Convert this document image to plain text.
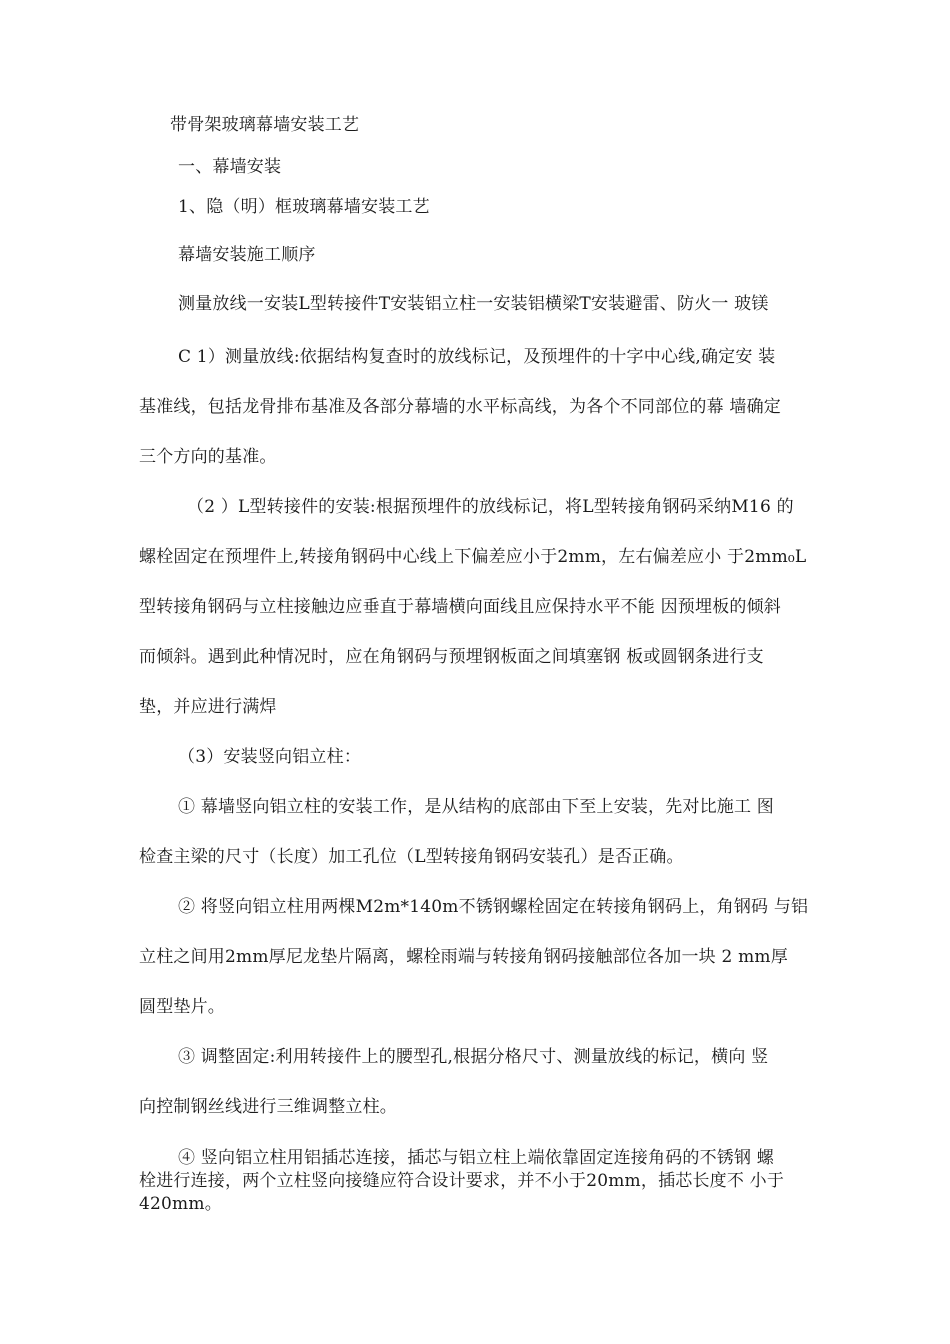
带骨架玻璃幕墙安装工艺
一、幕墙安装
1、隐（明）框玻璃幕墙安装工艺
幕墙安装施工顺序
测量放线一安装L型转接件T安装铝立柱一安装铝横梁T安装避雷、防火一 玻镁
C 1）测量放线:依据结构复查时的放线标记，及预埋件的十字中心线,确定安 装
基准线，包括龙骨排布基准及各部分幕墙的水平标高线，为各个不同部位的幕 墙确定
三个方向的基准。
（2 ）L型转接件的安装:根据预埋件的放线标记，将L型转接角钢码采纳M16 的
螺栓固定在预埋件上,转接角钢码中心线上下偏差应小于2mm，左右偏差应小 于2mm₀L
型转接角钢码与立柱接触边应垂直于幕墙横向面线且应保持水平不能 因预埋板的倾斜
而倾斜。遇到此种情况时，应在角钢码与预埋钢板面之间填塞钢 板或圆钢条进行支
垫，并应进行满焊
（3）安装竖向铝立柱：
① 幕墙竖向铝立柱的安装工作，是从结构的底部由下至上安装，先对比施工 图
检查主梁的尺寸（长度）加工孔位（L型转接角钢码安装孔）是否正确。
② 将竖向铝立柱用两棵M2m*140m不锈钢螺栓固定在转接角钢码上，角钢码 与铝
立柱之间用2mm厚尼龙垫片隔离，螺栓雨端与转接角钢码接触部位各加一块 2 mm厚
圆型垫片。
③ 调整固定:利用转接件上的腰型孔,根据分格尺寸、测量放线的标记，横向 竖
向控制钢丝线进行三维调整立柱。
④ 竖向铝立柱用铝插芯连接，插芯与铝立柱上端依靠固定连接角码的不锈钢 螺
栓进行连接，两个立柱竖向接缝应符合设计要求，并不小于20mm，插芯长度不 小于
420mm。
